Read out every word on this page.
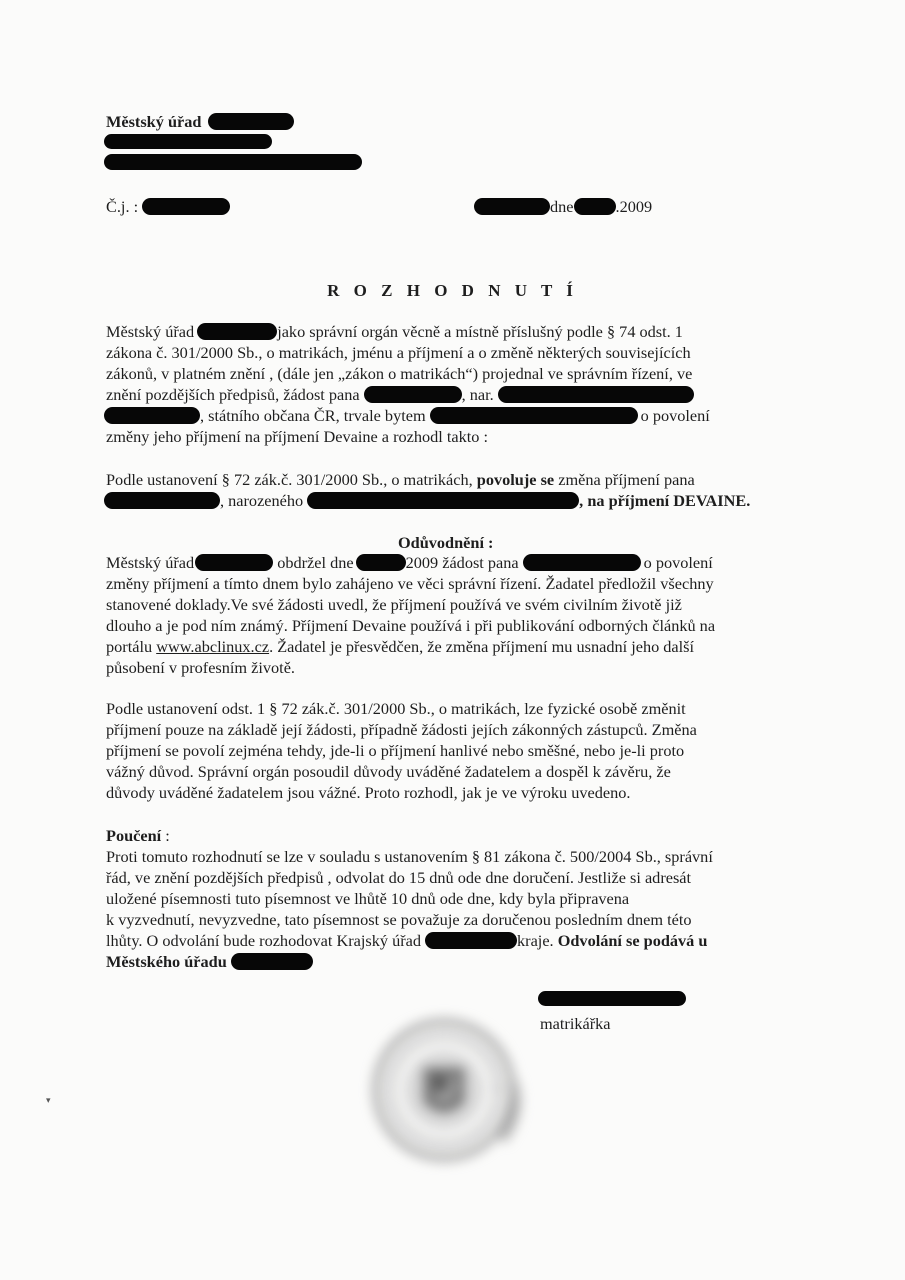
Městský úřad
Č.j. :	dne	.2009
R O Z H O D N U T Í
Městský úřad	jako správní orgán věcně a místně příslušný podle § 74 odst. 1
zákona č. 301/2000 Sb., o matrikách, jménu a příjmení a o změně některých souvisejících
zákonů, v platném znění , (dále jen „zákon o matrikách“) projednal ve správním řízení, ve
znění pozdějších předpisů, žádost pana	, nar.
, státního občana ČR, trvale bytem	o povolení
změny jeho příjmení na příjmení Devaine a rozhodl takto :
Podle ustanovení § 72 zák.č. 301/2000 Sb., o matrikách, povoluje se změna příjmení pana
, narozeného	, na příjmení DEVAINE.
Odůvodnění :
Městský úřad	obdržel dne	2009 žádost pana	o povolení
změny příjmení a tímto dnem bylo zahájeno ve věci správní řízení. Žadatel předložil všechny
stanovené doklady.Ve své žádosti uvedl, že příjmení používá ve svém civilním životě již
dlouho a je pod ním známý. Příjmení Devaine používá i při publikování odborných článků na
portálu www.abclinux.cz. Žadatel je přesvědčen, že změna příjmení mu usnadní jeho další
působení v profesním životě.
Podle ustanovení odst. 1 § 72 zák.č. 301/2000 Sb., o matrikách, lze fyzické osobě změnit
příjmení pouze na základě její žádosti, případně žádosti jejích zákonných zástupců. Změna
příjmení se povolí zejména tehdy, jde-li o příjmení hanlivé nebo směšné, nebo je-li proto
vážný důvod. Správní orgán posoudil důvody uváděné žadatelem a dospěl k závěru, že
důvody uváděné žadatelem jsou vážné. Proto rozhodl, jak je ve výroku uvedeno.
Poučení :
Proti tomuto rozhodnutí se lze v souladu s ustanovením § 81 zákona č. 500/2004 Sb., správní
řád, ve znění pozdějších předpisů , odvolat do 15 dnů ode dne doručení. Jestliže si adresát
uložené písemnosti tuto písemnost ve lhůtě 10 dnů ode dne, kdy byla připravena
k vyzvednutí, nevyzvedne, tato písemnost se považuje za doručenou posledním dnem této
lhůty. O odvolání bude rozhodovat Krajský úřad	kraje. Odvolání se podává u
Městského úřadu
matrikářka
▾
